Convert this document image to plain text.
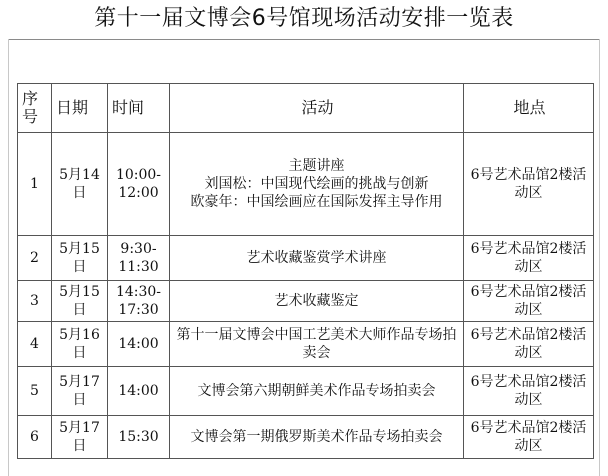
第十一届文博会6号馆现场活动安排一览表
序号	日期	时间	活动	地点
1	5月14日	10:00-12:00	主题讲座
刘国松：中国现代绘画的挑战与创新
欧豪年：中国绘画应在国际发挥主导作用	6号艺术品馆2楼活动区
2	5月15日	9:30-11:30	艺术收藏鉴赏学术讲座	6号艺术品馆2楼活动区
3	5月15日	14:30-17:30	艺术收藏鉴定	6号艺术品馆2楼活动区
4	5月16日	14:00	第十一届文博会中国工艺美术大师作品专场拍卖会	6号艺术品馆2楼活动区
5	5月17日	14:00	文博会第六期朝鲜美术作品专场拍卖会	6号艺术品馆2楼活动区
6	5月17日	15:30	文博会第一期俄罗斯美术作品专场拍卖会	6号艺术品馆2楼活动区
